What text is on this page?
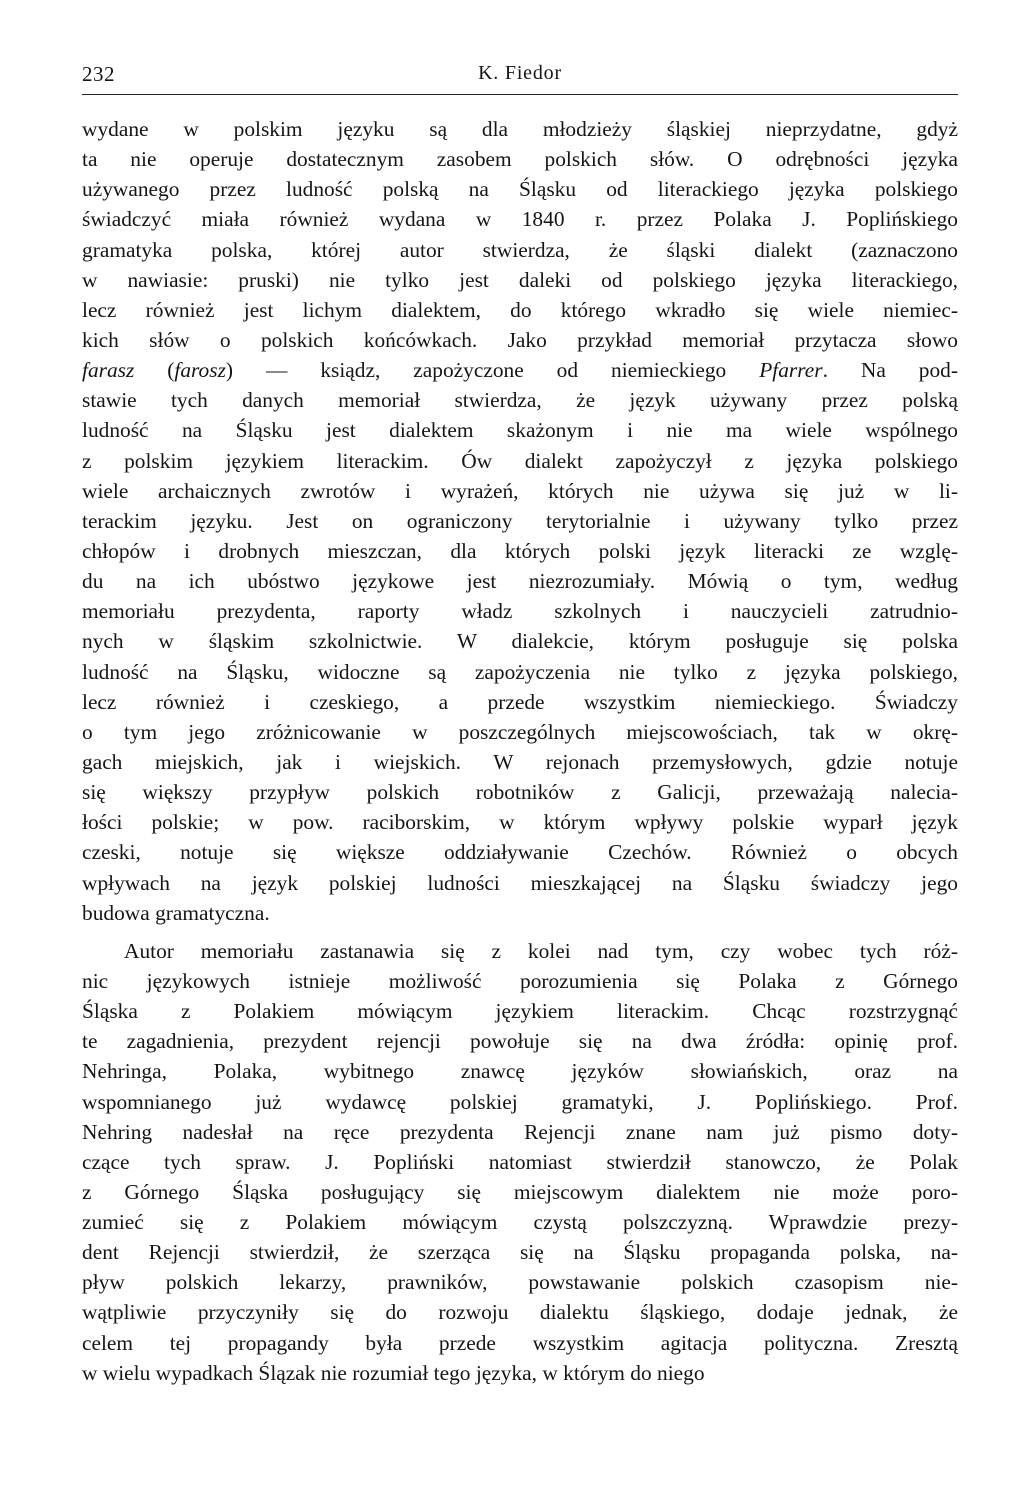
232	K. Fiedor
wydane w polskim języku są dla młodzieży śląskiej nieprzydatne, gdyż
ta nie operuje dostatecznym zasobem polskich słów. O odrębności języka
używanego przez ludność polską na Śląsku od literackiego języka polskiego
świadczyć miała również wydana w 1840 r. przez Polaka J. Poplińskiego
gramatyka polska, której autor stwierdza, że śląski dialekt (zaznaczono
w nawiasie: pruski) nie tylko jest daleki od polskiego języka literackiego,
lecz również jest lichym dialektem, do którego wkradło się wiele niemiec-
kich słów o polskich końcówkach. Jako przykład memoriał przytacza słowo
farasz (farosz) — ksiądz, zapożyczone od niemieckiego Pfarrer. Na pod-
stawie tych danych memoriał stwierdza, że język używany przez polską
ludność na Śląsku jest dialektem skażonym i nie ma wiele wspólnego
z polskim językiem literackim. Ów dialekt zapożyczył z języka polskiego
wiele archaicznych zwrotów i wyrażeń, których nie używa się już w li-
terackim języku. Jest on ograniczony terytorialnie i używany tylko przez
chłopów i drobnych mieszczan, dla których polski język literacki ze wzglę-
du na ich ubóstwo językowe jest niezrozumiały. Mówią o tym, według
memoriału prezydenta, raporty władz szkolnych i nauczycieli zatrudnio-
nych w śląskim szkolnictwie. W dialekcie, którym posługuje się polska
ludność na Śląsku, widoczne są zapożyczenia nie tylko z języka polskiego,
lecz również i czeskiego, a przede wszystkim niemieckiego. Świadczy
o tym jego zróżnicowanie w poszczególnych miejscowościach, tak w okrę-
gach miejskich, jak i wiejskich. W rejonach przemysłowych, gdzie notuje
się większy przypływ polskich robotników z Galicji, przeważają nalecia-
łości polskie; w pow. raciborskim, w którym wpływy polskie wyparł język
czeski, notuje się większe oddziaływanie Czechów. Również o obcych
wpływach na język polskiej ludności mieszkającej na Śląsku świadczy jego
budowa gramatyczna.
Autor memoriału zastanawia się z kolei nad tym, czy wobec tych róż-
nic językowych istnieje możliwość porozumienia się Polaka z Górnego
Śląska z Polakiem mówiącym językiem literackim. Chcąc rozstrzygnąć
te zagadnienia, prezydent rejencji powołuje się na dwa źródła: opinię prof.
Nehringa, Polaka, wybitnego znawcę języków słowiańskich, oraz na
wspomnianego już wydawcę polskiej gramatyki, J. Poplińskiego. Prof.
Nehring nadesłał na ręce prezydenta Rejencji znane nam już pismo doty-
czące tych spraw. J. Popliński natomiast stwierdził stanowczo, że Polak
z Górnego Śląska posługujący się miejscowym dialektem nie może poro-
zumieć się z Polakiem mówiącym czystą polszczyzną. Wprawdzie prezy-
dent Rejencji stwierdził, że szerząca się na Śląsku propaganda polska, na-
pływ polskich lekarzy, prawników, powstawanie polskich czasopism nie-
wątpliwie przyczyniły się do rozwoju dialektu śląskiego, dodaje jednak, że
celem tej propagandy była przede wszystkim agitacja polityczna. Zresztą
w wielu wypadkach Ślązak nie rozumiał tego języka, w którym do niego
